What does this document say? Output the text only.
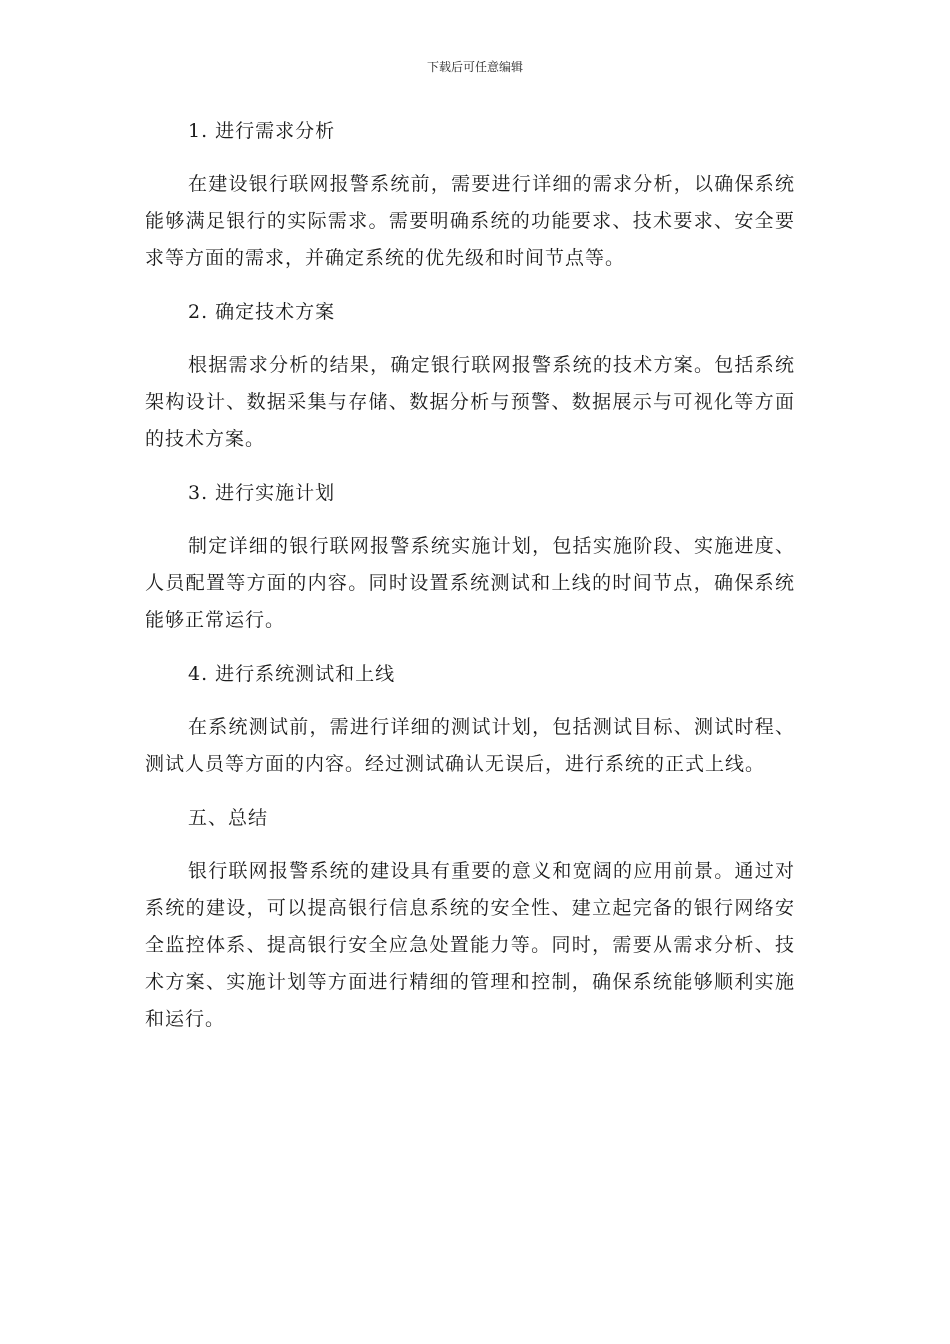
下载后可任意编辑
1. 进行需求分析

在建设银行联网报警系统前，需要进行详细的需求分析，以确保系统能够满足银行的实际需求。需要明确系统的功能要求、技术要求、安全要求等方面的需求，并确定系统的优先级和时间节点等。

2. 确定技术方案

根据需求分析的结果，确定银行联网报警系统的技术方案。包括系统架构设计、数据采集与存储、数据分析与预警、数据展示与可视化等方面的技术方案。

3. 进行实施计划

制定详细的银行联网报警系统实施计划，包括实施阶段、实施进度、人员配置等方面的内容。同时设置系统测试和上线的时间节点，确保系统能够正常运行。

4. 进行系统测试和上线

在系统测试前，需进行详细的测试计划，包括测试目标、测试时程、测试人员等方面的内容。经过测试确认无误后，进行系统的正式上线。

五、总结

银行联网报警系统的建设具有重要的意义和宽阔的应用前景。通过对系统的建设，可以提高银行信息系统的安全性、建立起完备的银行网络安全监控体系、提高银行安全应急处置能力等。同时，需要从需求分析、技术方案、实施计划等方面进行精细的管理和控制，确保系统能够顺利实施和运行。
